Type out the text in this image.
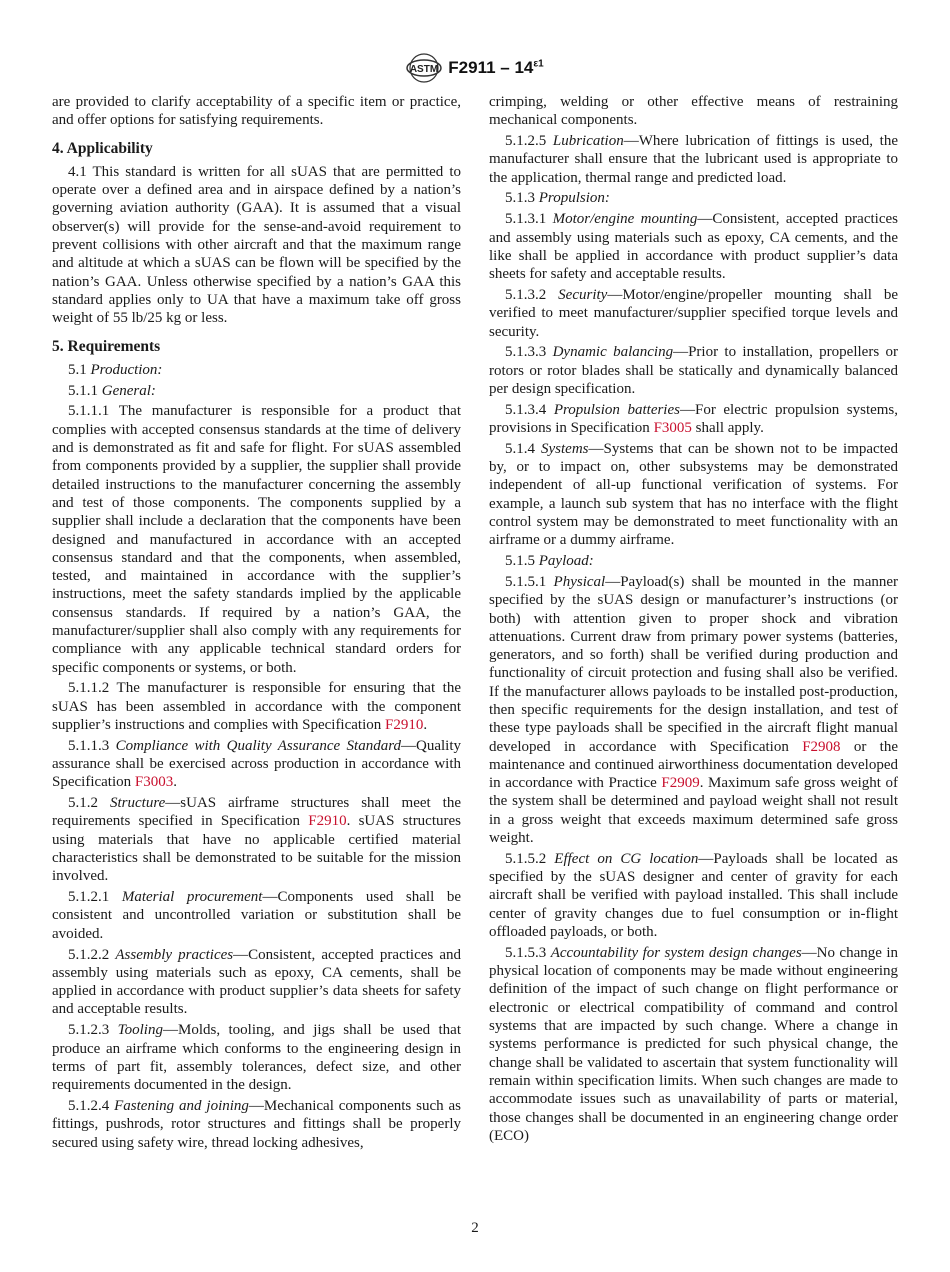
ASTM $F2911 - 14^{\varepsilon 1}$

are provided to clarify acceptability of a specific item or practice, and offer options for satisfying requirements.

4. Applicability

4.1 This standard is written for all sUAS that are permitted to operate over a defined area and in airspace defined by a nation’s governing aviation authority (GAA). It is assumed that a visual observer(s) will provide for the sense-and-avoid requirement to prevent collisions with other aircraft and that the maximum range and altitude at which a sUAS can be flown will be specified by the nation’s GAA. Unless otherwise specified by a nation’s GAA this standard applies only to UA that have a maximum take off gross weight of 55 lb/25 kg or less.

5. Requirements

5.1 Production:

5.1.1 General:

5.1.1.1 The manufacturer is responsible for a product that complies with accepted consensus standards at the time of delivery and is demonstrated as fit and safe for flight. For sUAS assembled from components provided by a supplier, the supplier shall provide detailed instructions to the manufacturer concerning the assembly and test of those components. The components supplied by a supplier shall include a declaration that the components have been designed and manufactured in accordance with an accepted consensus standard and that the components, when assembled, tested, and maintained in accordance with the supplier’s instructions, meet the safety standards implied by the applicable consensus standards. If required by a nation’s GAA, the manufacturer/supplier shall also comply with any requirements for compliance with any applicable technical standard orders for specific components or systems, or both.

5.1.1.2 The manufacturer is responsible for ensuring that the sUAS has been assembled in accordance with the component supplier’s instructions and complies with Specification F2910.

5.1.1.3 Compliance with Quality Assurance Standard—Quality assurance shall be exercised across production in accordance with Specification F3003.

5.1.2 Structure—sUAS airframe structures shall meet the requirements specified in Specification F2910. sUAS structures using materials that have no applicable certified material characteristics shall be demonstrated to be suitable for the mission involved.

5.1.2.1 Material procurement—Components used shall be consistent and uncontrolled variation or substitution shall be avoided.

5.1.2.2 Assembly practices—Consistent, accepted practices and assembly using materials such as epoxy, CA cements, shall be applied in accordance with product supplier’s data sheets for safety and acceptable results.

5.1.2.3 Tooling—Molds, tooling, and jigs shall be used that produce an airframe which conforms to the engineering design in terms of part fit, assembly tolerances, defect size, and other requirements documented in the design.

5.1.2.4 Fastening and joining—Mechanical components such as fittings, pushrods, rotor structures and fittings shall be properly secured using safety wire, thread locking adhesives,

crimping, welding or other effective means of restraining mechanical components.

5.1.2.5 Lubrication—Where lubrication of fittings is used, the manufacturer shall ensure that the lubricant used is appropriate to the application, thermal range and predicted load.

5.1.3 Propulsion:

5.1.3.1 Motor/engine mounting—Consistent, accepted practices and assembly using materials such as epoxy, CA cements, and the like shall be applied in accordance with product supplier’s data sheets for safety and acceptable results.

5.1.3.2 Security—Motor/engine/propeller mounting shall be verified to meet manufacturer/supplier specified torque levels and security.

5.1.3.3 Dynamic balancing—Prior to installation, propellers or rotors or rotor blades shall be statically and dynamically balanced per design specification.

5.1.3.4 Propulsion batteries—For electric propulsion systems, provisions in Specification F3005 shall apply.

5.1.4 Systems—Systems that can be shown not to be impacted by, or to impact on, other subsystems may be demonstrated independent of all-up functional verification of systems. For example, a launch sub system that has no interface with the flight control system may be demonstrated to meet functionality with an airframe or a dummy airframe.

5.1.5 Payload:

5.1.5.1 Physical—Payload(s) shall be mounted in the manner specified by the sUAS design or manufacturer’s instructions (or both) with attention given to proper shock and vibration attenuations. Current draw from primary power systems (batteries, generators, and so forth) shall be verified during production and functionality of circuit protection and fusing shall also be verified. If the manufacturer allows payloads to be installed post-production, then specific requirements for the design installation, and test of these type payloads shall be specified in the aircraft flight manual developed in accordance with Specification F2908 or the maintenance and continued airworthiness documentation developed in accordance with Practice F2909. Maximum safe gross weight of the system shall be determined and payload weight shall not result in a gross weight that exceeds maximum determined safe gross weight.

5.1.5.2 Effect on CG location—Payloads shall be located as specified by the sUAS designer and center of gravity for each aircraft shall be verified with payload installed. This shall include center of gravity changes due to fuel consumption or in-flight offloaded payloads, or both.

5.1.5.3 Accountability for system design changes—No change in physical location of components may be made without engineering definition of the impact of such change on flight performance or electronic or electrical compatibility of command and control systems that are impacted by such change. Where a change in systems performance is predicted for such physical change, the change shall be validated to ascertain that system functionality will remain within specification limits. When such changes are made to accommodate issues such as unavailability of parts or material, those changes shall be documented in an engineering change order (ECO)

2
